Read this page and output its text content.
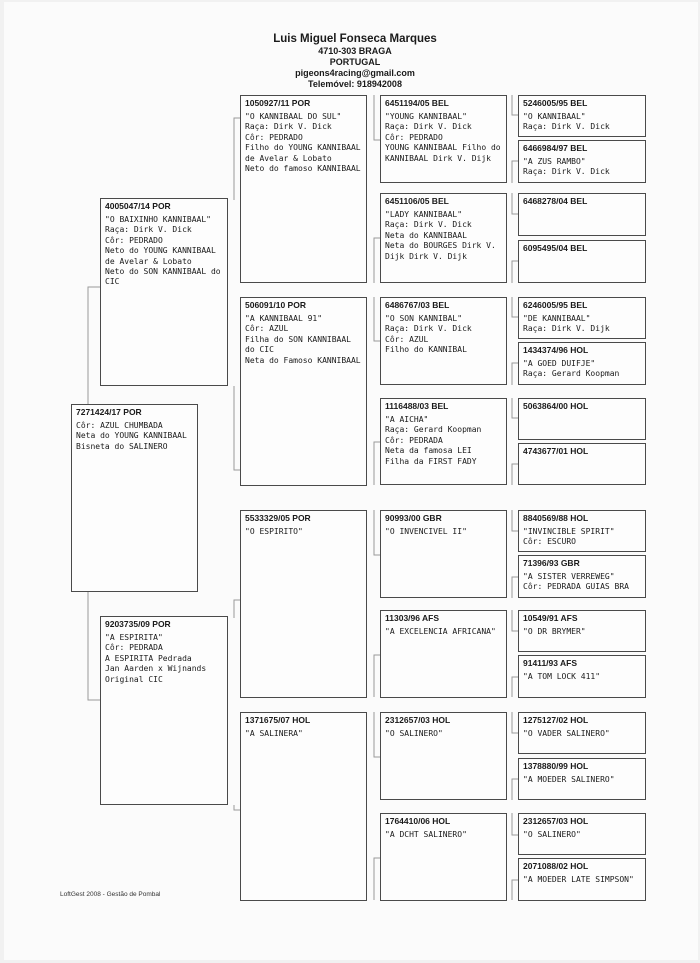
Luis Miguel Fonseca Marques
4710-303 BRAGA
PORTUGAL
pigeons4racing@gmail.com
Telemóvel: 918942008
7271424/17 POR
Côr: AZUL CHUMBADA
Neta do YOUNG KANNIBAAL
Bisneta do SALINERO
4005047/14 POR
"O BAIXINHO KANNIBAAL"
Raça: Dirk V. Dick
Côr: PEDRADO
Neto do YOUNG KANNIBAAL de Avelar & Lobato
Neto do SON KANNIBAAL do CIC
9203735/09 POR
"A ESPIRITA"
Côr: PEDRADA
A ESPIRITA Pedrada
Jan Aarden x Wijnands Original CIC
1050927/11 POR
"O KANNIBAAL DO SUL"
Raça: Dirk V. Dick
Côr: PEDRADO
Filho do YOUNG KANNIBAAL de Avelar & Lobato
Neto do famoso KANNIBAAL
506091/10 POR
"A KANNIBAAL 91"
Côr: AZUL
Filha do SON KANNIBAAL do CIC
Neta do Famoso KANNIBAAL
5533329/05 POR
"O ESPIRITO"
1371675/07 HOL
"A SALINERA"
6451194/05 BEL
"YOUNG KANNIBAAL"
Raça: Dirk V. Dick
Côr: PEDRADO
YOUNG KANNIBAAL Filho do KANNIBAAL Dirk V. Dijk
6451106/05 BEL
"LADY KANNIBAAL"
Raça: Dirk V. Dick
Neta do KANNIBAAL
Neta do BOURGES Dirk V. Dijk Dirk V. Dijk
6486767/03 BEL
"O SON KANNIBAL"
Raça: Dirk V. Dick
Côr: AZUL
Filho do KANNIBAL
1116488/03 BEL
"A AICHA"
Raça: Gerard Koopman
Côr: PEDRADA
Neta da famosa LEI
Filha da FIRST FADY
90993/00 GBR
"O INVENCIVEL II"
11303/96 AFS
"A EXCELENCIA AFRICANA"
2312657/03 HOL
"O SALINERO"
1764410/06 HOL
"A DCHT SALINERO"
5246005/95 BEL
"O KANNIBAAL"
Raça: Dirk V. Dick
6466984/97 BEL
"A ZUS RAMBO"
Raça: Dirk V. Dick
6468278/04 BEL
6095495/04 BEL
6246005/95 BEL
"DE KANNIBAAL"
Raça: Dirk V. Dijk
1434374/96 HOL
"A GOED DUIFJE"
Raça: Gerard Koopman
5063864/00 HOL
4743677/01 HOL
8840569/88 HOL
"INVINCIBLE SPIRIT"
Côr: ESCURO
71396/93 GBR
"A SISTER VERREWEG"
Côr: PEDRADA GUIAS BRA
10549/91 AFS
"O DR BRYMER"
91411/93 AFS
"A TOM LOCK 411"
1275127/02 HOL
"O VADER SALINERO"
1378880/99 HOL
"A MOEDER SALINERO"
2312657/03 HOL
"O SALINERO"
2071088/02 HOL
"A MOEDER LATE SIMPSON"
LoftGest 2008 - Gestão de Pombal
